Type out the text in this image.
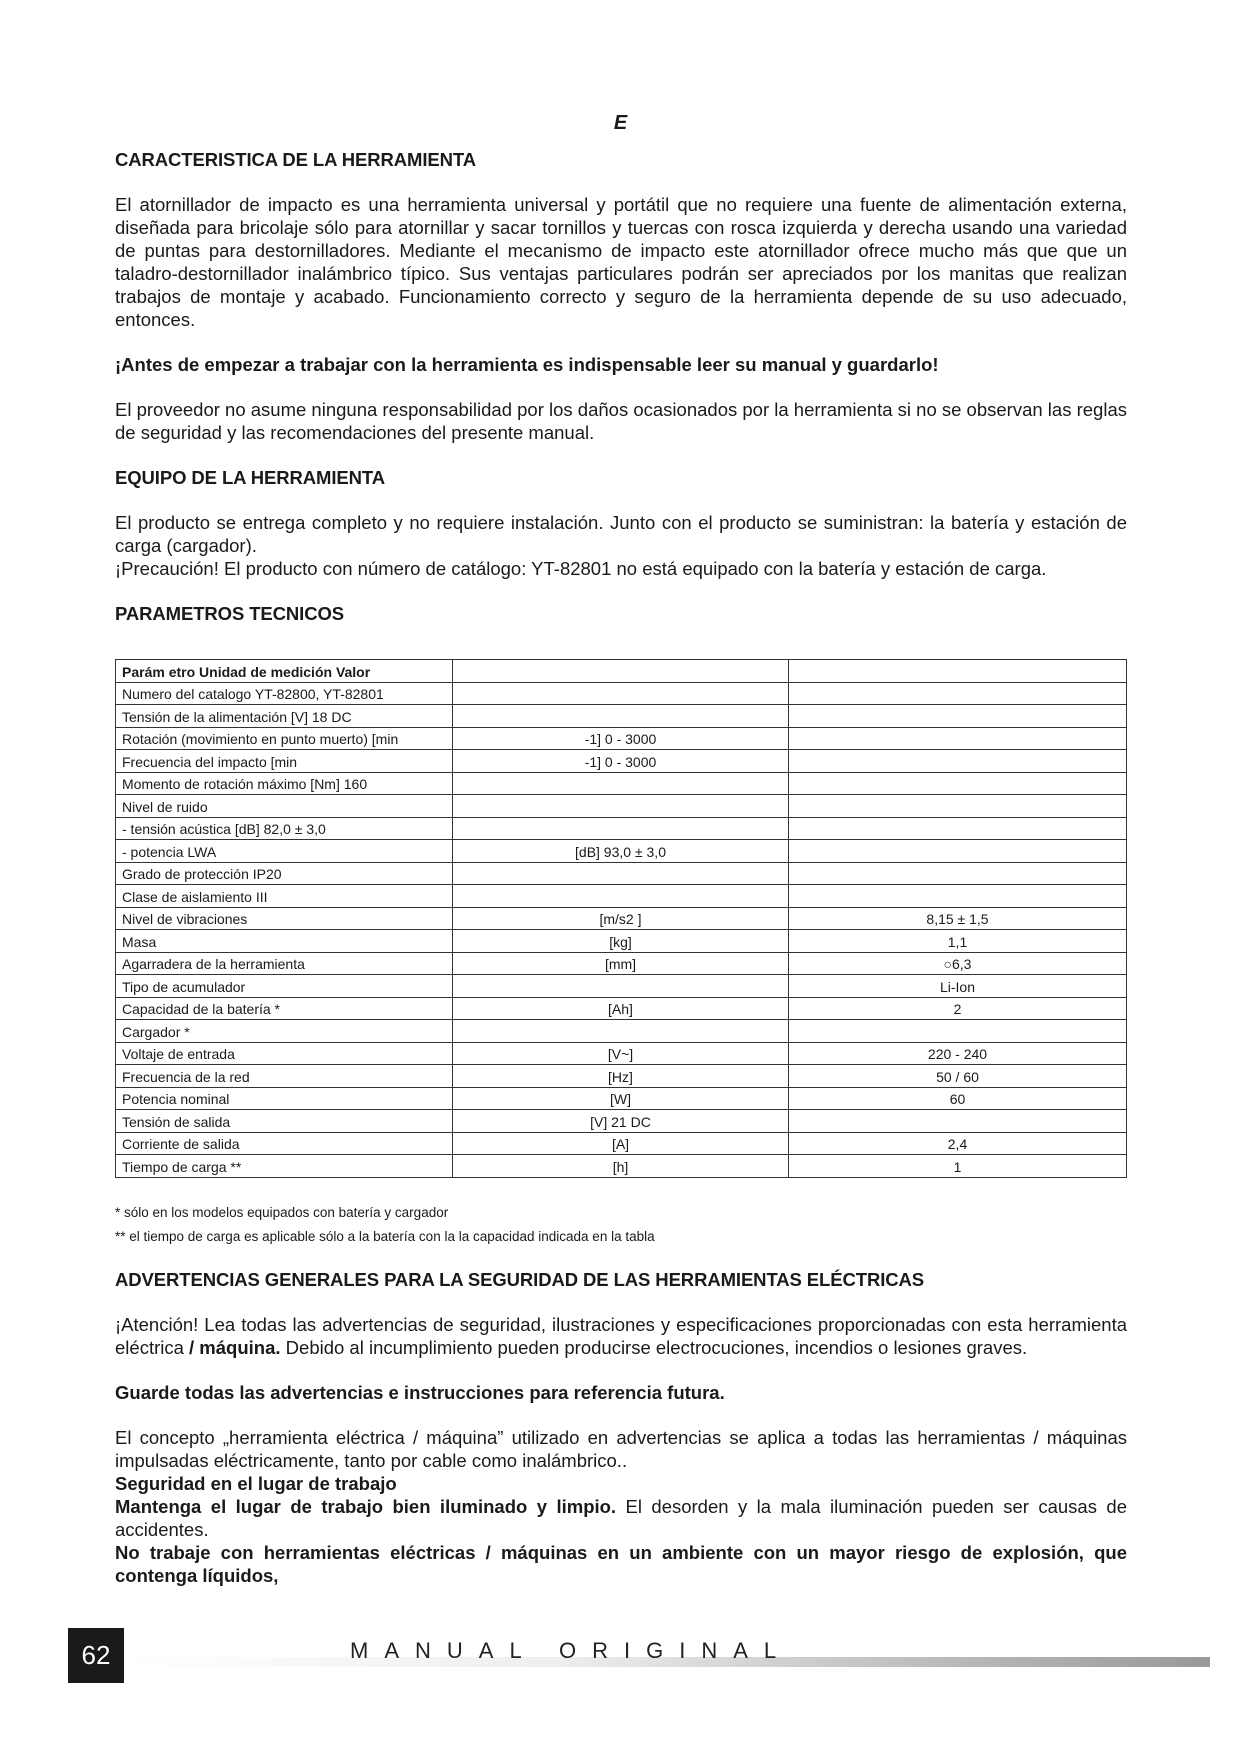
E
CARACTERISTICA DE LA HERRAMIENTA

El atornillador de impacto es una herramienta universal y portátil que no requiere una fuente de alimentación externa, diseñada para bricolaje sólo para atornillar y sacar tornillos y tuercas con rosca izquierda y derecha usando una variedad de puntas para destornilladores. Mediante el mecanismo de impacto este atornillador ofrece mucho más que que un taladro-destornillador inalámbrico típico. Sus ventajas particulares podrán ser apreciados por los manitas que realizan trabajos de montaje y acabado. Funcionamiento correcto y seguro de la herramienta depende de su uso adecuado, entonces.

¡Antes de empezar a trabajar con la herramienta es indispensable leer su manual y guardarlo!

El proveedor no asume ninguna responsabilidad por los daños ocasionados por la herramienta si no se observan las reglas de seguridad y las recomendaciones del presente manual.

EQUIPO DE LA HERRAMIENTA

El producto se entrega completo y no requiere instalación. Junto con el producto se suministran: la batería y estación de carga (cargador).

¡Precaución! El producto con número de catálogo: YT-82801 no está equipado con la batería y estación de carga.

PARAMETROS TECNICOS
Parám etro Unidad de medición Valor		
Numero del catalogo YT-82800, YT-82801		
Tensión de la alimentación [V] 18 DC		
Rotación (movimiento en punto muerto) [min	-1] 0 - 3000	
Frecuencia del impacto [min	-1] 0 - 3000	
Momento de rotación máximo [Nm] 160		
Nivel de ruido		
- tensión acústica [dB] 82,0 ± 3,0		
- potencia LWA	[dB] 93,0 ± 3,0	
Grado de protección IP20		
Clase de aislamiento III		
Nivel de vibraciones	[m/s2 ]	8,15 ± 1,5
Masa	[kg]	1,1
Agarradera de la herramienta	[mm]	○6,3
Tipo de acumulador		Li-Ion
Capacidad de la batería *	[Ah]	2
Cargador *		
Voltaje de entrada	[V~]	220 - 240
Frecuencia de la red	[Hz]	50 / 60
Potencia nominal	[W]	60
Tensión de salida	[V] 21 DC	
Corriente de salida	[A]	2,4
Tiempo de carga **	[h]	1
* sólo en los modelos equipados con batería y cargador
** el tiempo de carga es aplicable sólo a la batería con la la capacidad indicada en la tabla
ADVERTENCIAS GENERALES PARA LA SEGURIDAD DE LAS HERRAMIENTAS ELÉCTRICAS

¡Atención! Lea todas las advertencias de seguridad, ilustraciones y especificaciones proporcionadas con esta herramienta eléctrica / máquina. Debido al incumplimiento pueden producirse electrocuciones, incendios o lesiones graves.

Guarde todas las advertencias e instrucciones para referencia futura.

El concepto „herramienta eléctrica / máquina” utilizado en advertencias se aplica a todas las herramientas / máquinas impulsadas eléctricamente, tanto por cable como inalámbrico..

Seguridad en el lugar de trabajo

Mantenga el lugar de trabajo bien iluminado y limpio. El desorden y la mala iluminación pueden ser causas de accidentes.

No trabaje con herramientas eléctricas / máquinas en un ambiente con un mayor riesgo de explosión, que contenga líquidos,

62	MANUAL ORIGINAL
